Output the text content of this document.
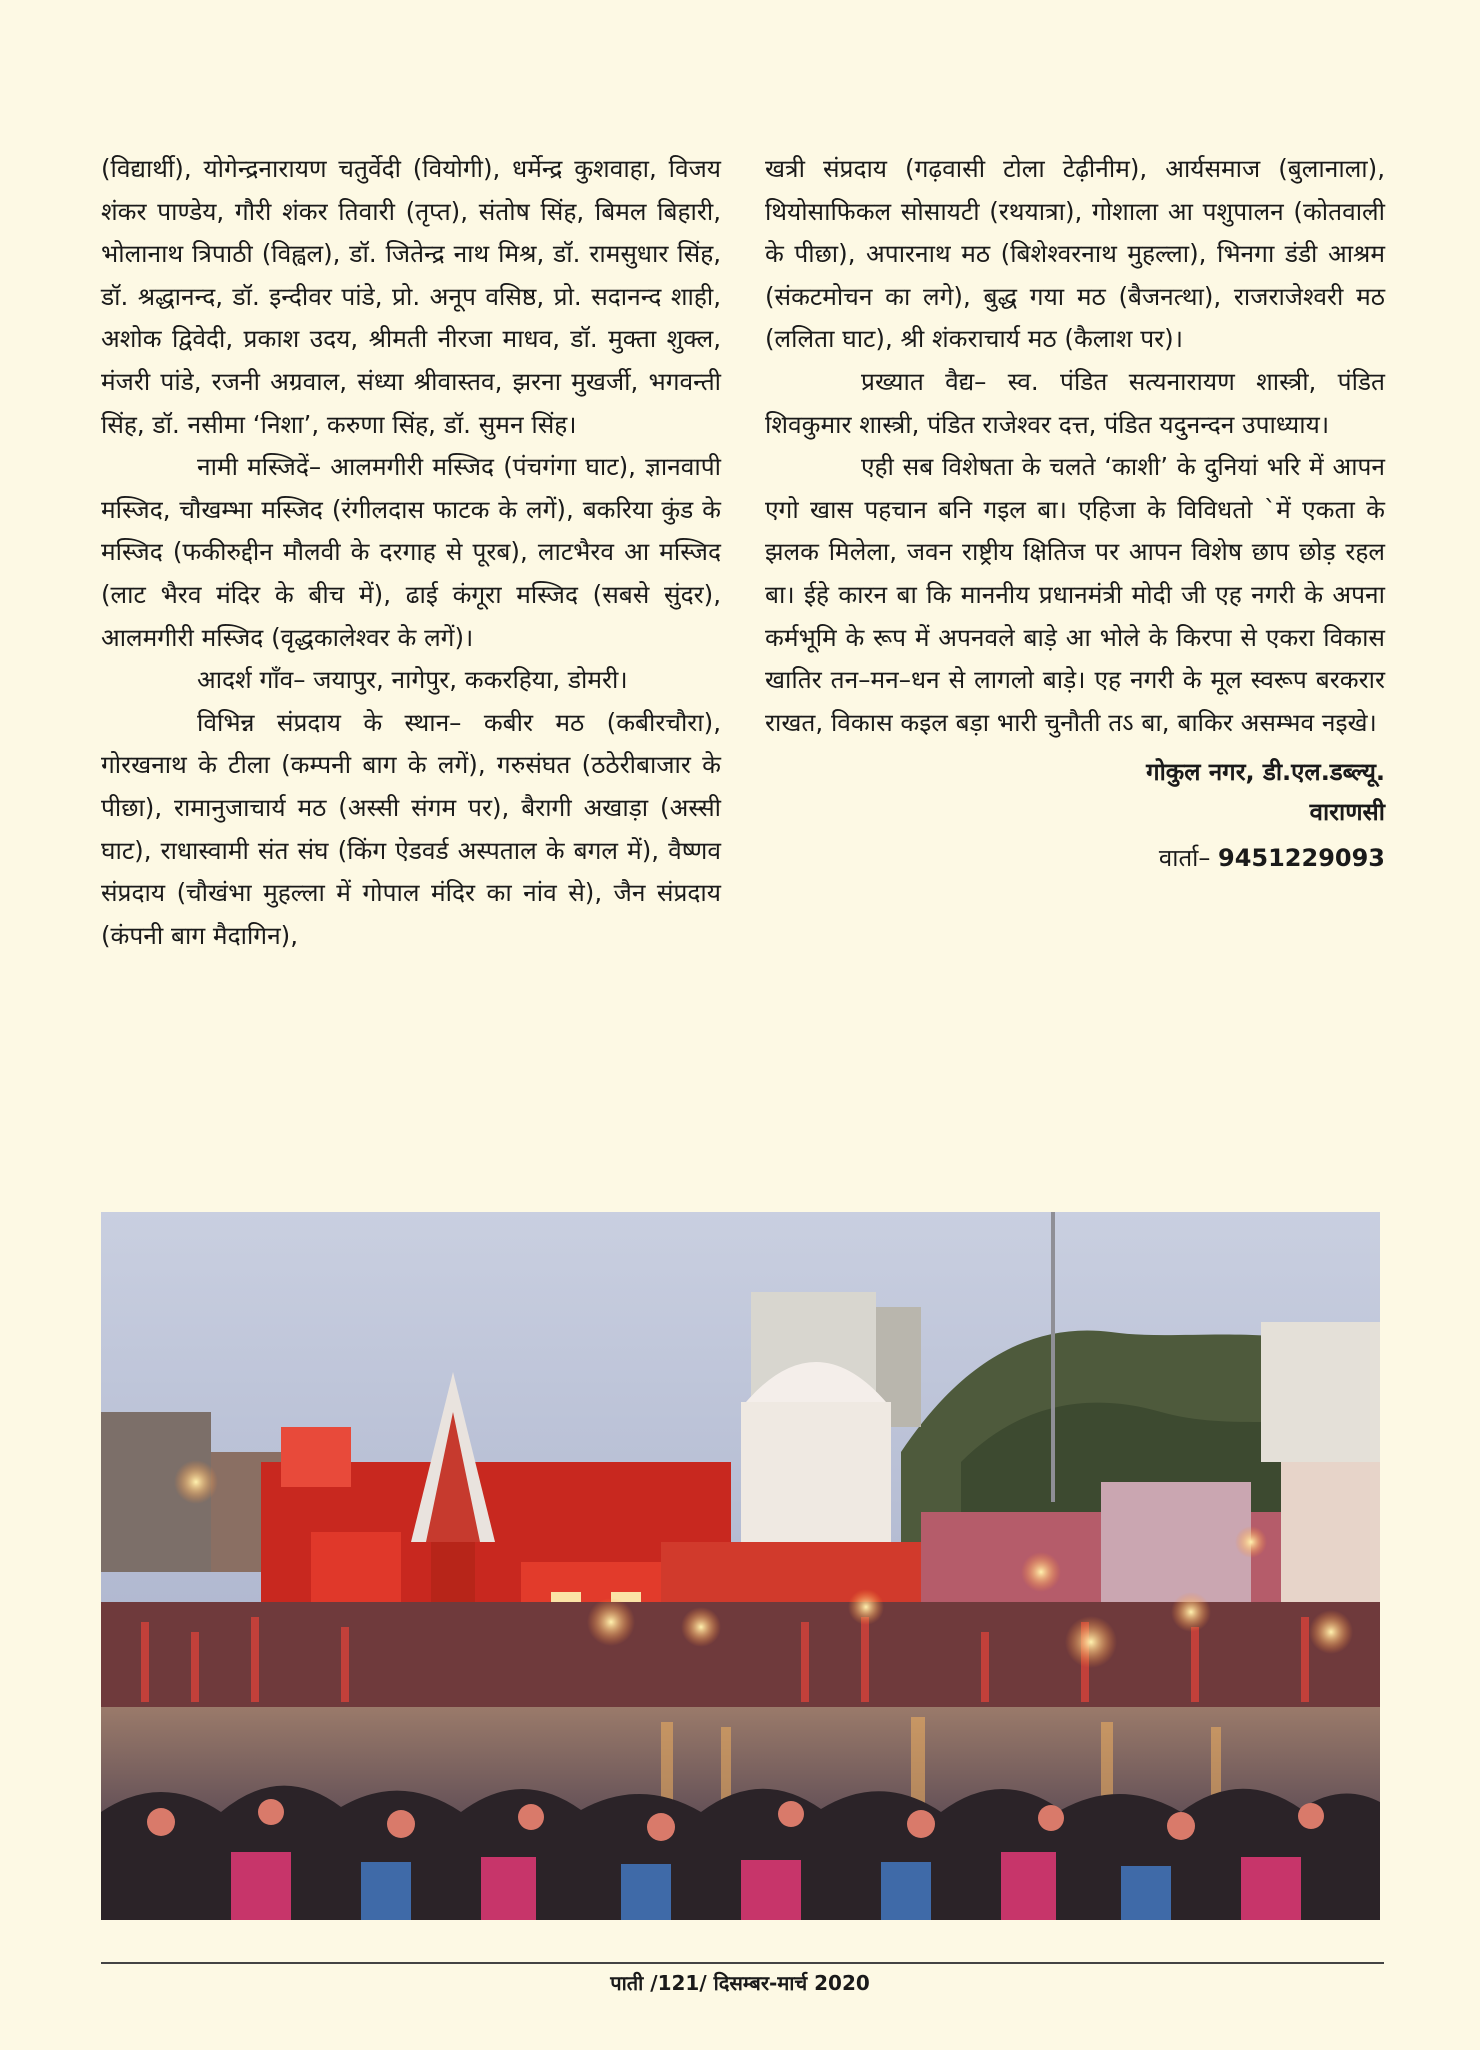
(विद्यार्थी), योगेन्द्रनारायण चतुर्वेदी (वियोगी), धर्मेन्द्र कुशवाहा, विजय शंकर पाण्डेय, गौरी शंकर तिवारी (तृप्त), संतोष सिंह, बिमल बिहारी, भोलानाथ त्रिपाठी (विह्वल), डॉ. जितेन्द्र नाथ मिश्र, डॉ. रामसुधार सिंह, डॉ. श्रद्धानन्द, डॉ. इन्दीवर पांडे, प्रो. अनूप वसिष्ठ, प्रो. सदानन्द शाही, अशोक द्विवेदी, प्रकाश उदय, श्रीमती नीरजा माधव, डॉ. मुक्ता शुक्ल, मंजरी पांडे, रजनी अग्रवाल, संध्या श्रीवास्तव, झरना मुखर्जी, भगवन्ती सिंह, डॉ. नसीमा ‘निशा’, करुणा सिंह, डॉ. सुमन सिंह।

नामी मस्जिदें– आलमगीरी मस्जिद (पंचगंगा घाट), ज्ञानवापी मस्जिद, चौखम्भा मस्जिद (रंगीलदास फाटक के लगें), बकरिया कुंड के मस्जिद (फकीरुद्दीन मौलवी के दरगाह से पूरब), लाटभैरव आ मस्जिद (लाट भैरव मंदिर के बीच में), ढाई कंगूरा मस्जिद (सबसे सुंदर), आलमगीरी मस्जिद (वृद्धकालेश्वर के लगें)।

आदर्श गाँव– जयापुर, नागेपुर, ककरहिया, डोमरी।

विभिन्न संप्रदाय के स्थान– कबीर मठ (कबीरचौरा), गोरखनाथ के टीला (कम्पनी बाग के लगें), गरुसंघत (ठठेरीबाजार के पीछा), रामानुजाचार्य मठ (अस्सी संगम पर), बैरागी अखाड़ा (अस्सी घाट), राधास्वामी संत संघ (किंग ऐडवर्ड अस्पताल के बगल में), वैष्णव संप्रदाय (चौखंभा मुहल्ला में गोपाल मंदिर का नांव से), जैन संप्रदाय (कंपनी बाग मैदागिन),

खत्री संप्रदाय (गढ़वासी टोला टेढ़ीनीम), आर्यसमाज (बुलानाला), थियोसाफिकल सोसायटी (रथयात्रा), गोशाला आ पशुपालन (कोतवाली के पीछा), अपारनाथ मठ (बिशेश्वरनाथ मुहल्ला), भिनगा डंडी आश्रम (संकटमोचन का लगे), बुद्ध गया मठ (बैजनत्था), राजराजेश्वरी मठ (ललिता घाट), श्री शंकराचार्य मठ (कैलाश पर)।

प्रख्यात वैद्य– स्व. पंडित सत्यनारायण शास्त्री, पंडित शिवकुमार शास्त्री, पंडित राजेश्वर दत्त, पंडित यदुनन्दन उपाध्याय।

एही सब विशेषता के चलते ‘काशी’ के दुनियां भरि में आपन एगो खास पहचान बनि गइल बा। एहिजा के विविधतो `में एकता के झलक मिलेला, जवन राष्ट्रीय क्षितिज पर आपन विशेष छाप छोड़ रहल बा। ईहे कारन बा कि माननीय प्रधानमंत्री मोदी जी एह नगरी के अपना कर्मभूमि के रूप में अपनवले बाड़े आ भोले के किरपा से एकरा विकास खातिर तन–मन–धन से लागलो बाड़े। एह नगरी के मूल स्वरूप बरकरार राखत, विकास कइल बड़ा भारी चुनौती तऽ बा, बाकिर असम्भव नइखे।

गोकुल नगर, डी.एल.डब्ल्यू.
वाराणसी
वार्ता– 9451229093
पाती /121/ दिसम्बर-मार्च 2020
